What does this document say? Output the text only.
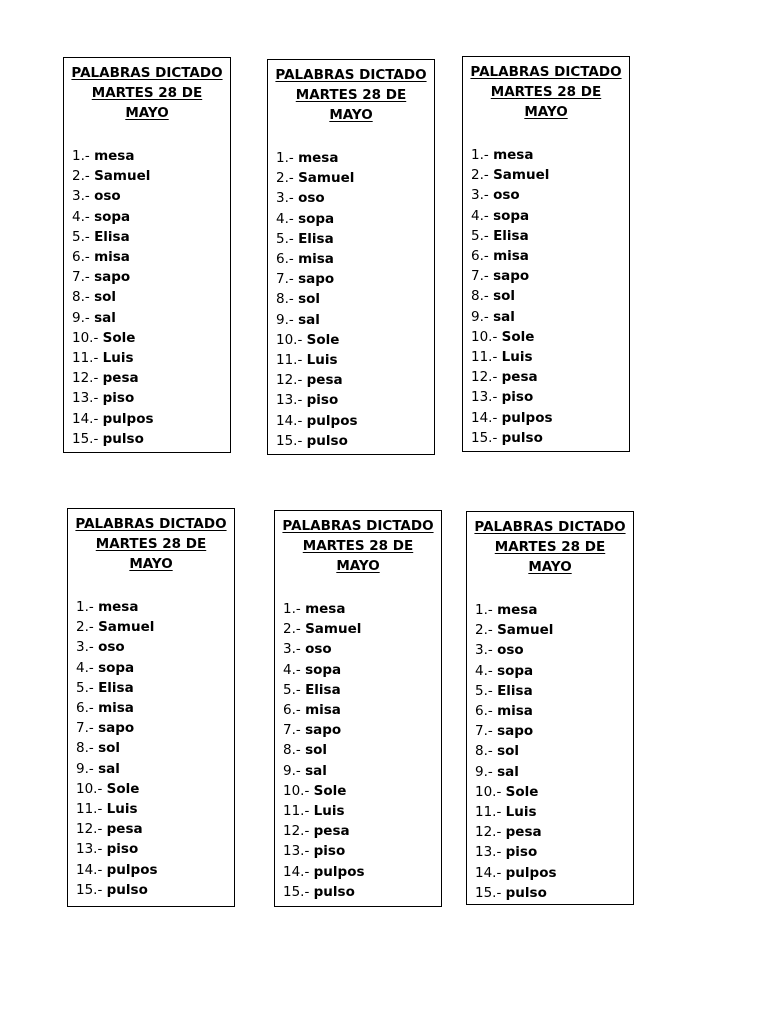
PALABRAS DICTADO
MARTES 28 DE
MAYO
1.- mesa
2.- Samuel
3.- oso
4.- sopa
5.- Elisa
6.- misa
7.- sapo
8.- sol
9.- sal
10.- Sole
11.- Luis
12.- pesa
13.- piso
14.- pulpos
15.- pulso
PALABRAS DICTADO
MARTES 28 DE
MAYO
1.- mesa
2.- Samuel
3.- oso
4.- sopa
5.- Elisa
6.- misa
7.- sapo
8.- sol
9.- sal
10.- Sole
11.- Luis
12.- pesa
13.- piso
14.- pulpos
15.- pulso
PALABRAS DICTADO
MARTES 28 DE
MAYO
1.- mesa
2.- Samuel
3.- oso
4.- sopa
5.- Elisa
6.- misa
7.- sapo
8.- sol
9.- sal
10.- Sole
11.- Luis
12.- pesa
13.- piso
14.- pulpos
15.- pulso
PALABRAS DICTADO
MARTES 28 DE
MAYO
1.- mesa
2.- Samuel
3.- oso
4.- sopa
5.- Elisa
6.- misa
7.- sapo
8.- sol
9.- sal
10.- Sole
11.- Luis
12.- pesa
13.- piso
14.- pulpos
15.- pulso
PALABRAS DICTADO
MARTES 28 DE
MAYO
1.- mesa
2.- Samuel
3.- oso
4.- sopa
5.- Elisa
6.- misa
7.- sapo
8.- sol
9.- sal
10.- Sole
11.- Luis
12.- pesa
13.- piso
14.- pulpos
15.- pulso
PALABRAS DICTADO
MARTES 28 DE
MAYO
1.- mesa
2.- Samuel
3.- oso
4.- sopa
5.- Elisa
6.- misa
7.- sapo
8.- sol
9.- sal
10.- Sole
11.- Luis
12.- pesa
13.- piso
14.- pulpos
15.- pulso
